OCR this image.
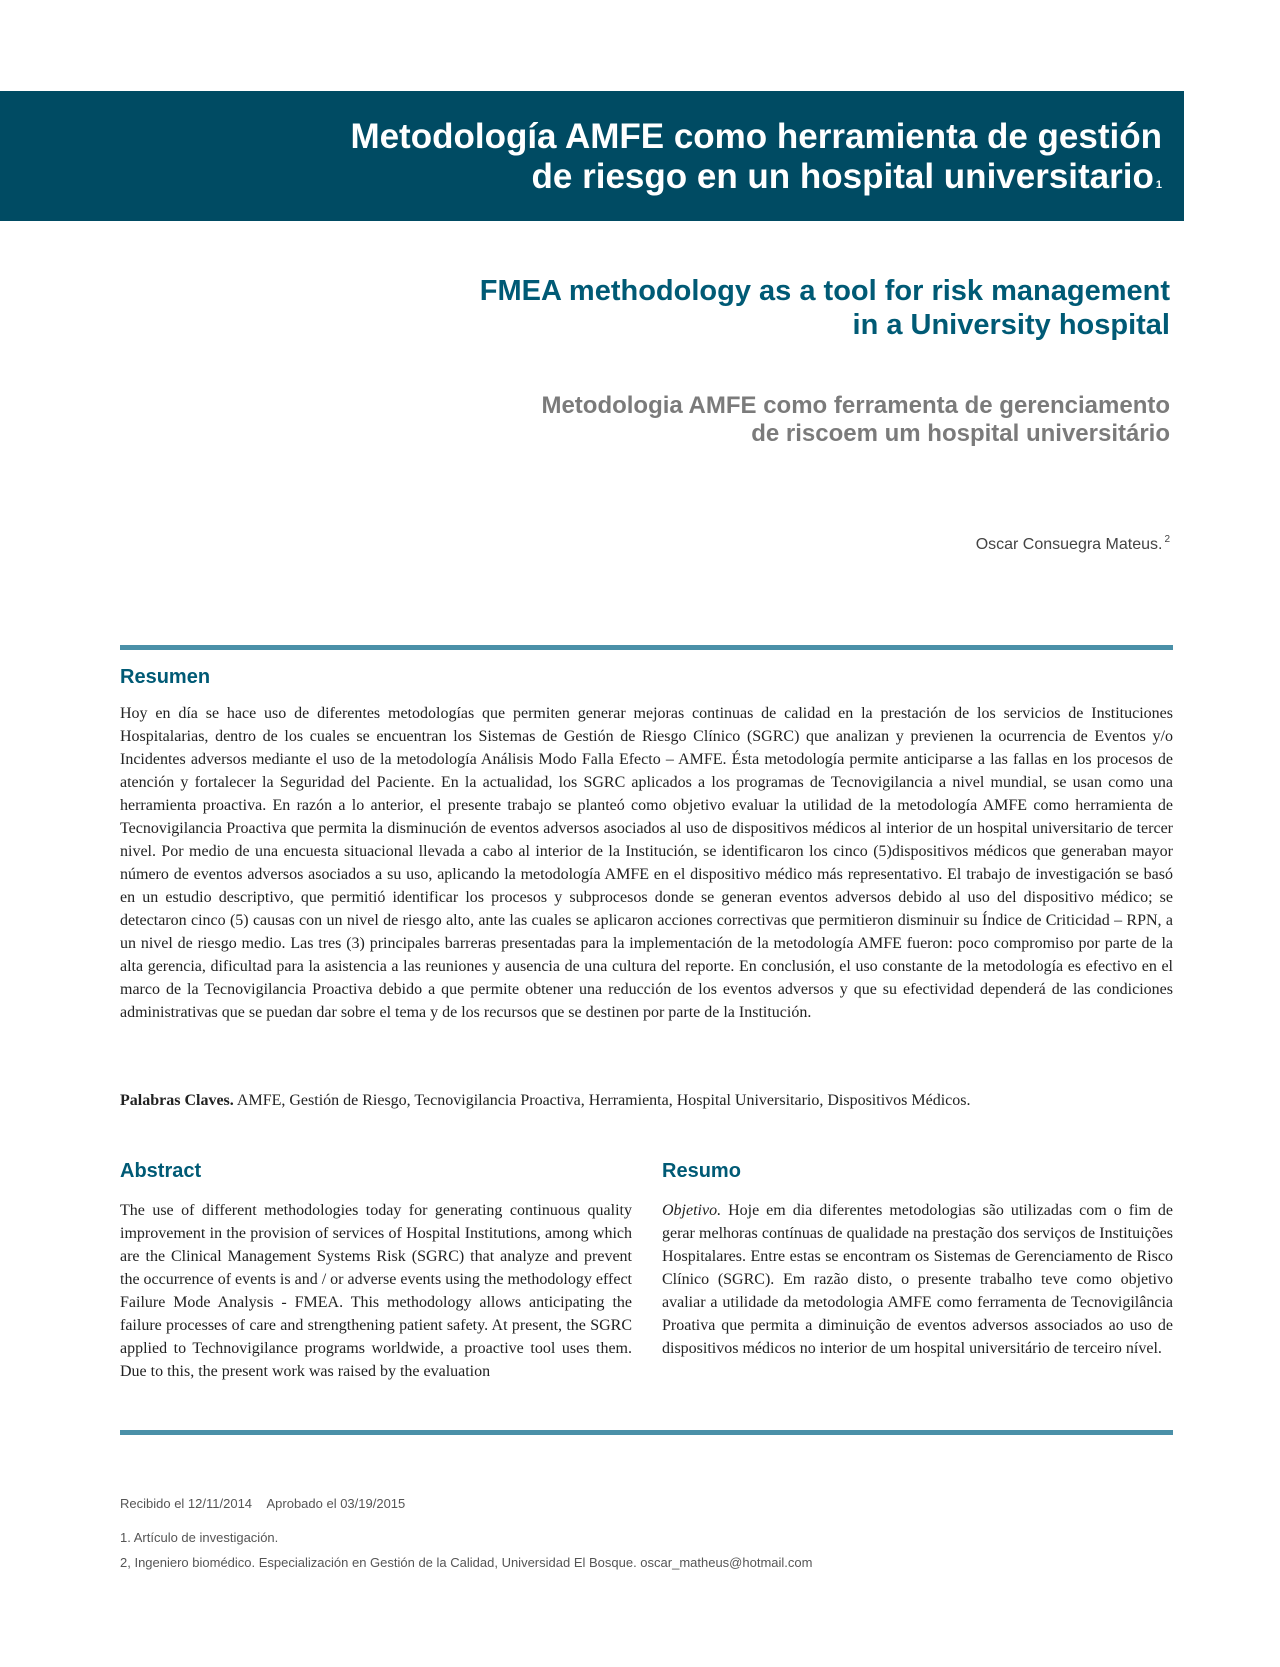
Metodología AMFE como herramienta de gestión
de riesgo en un hospital universitario $^1$
FMEA methodology as a tool for risk management
in a University hospital
Metodologia AMFE como ferramenta de gerenciamento
de riscoem um hospital universitário
Oscar Consuegra Mateus. $^2$
Resumen
Hoy en día se hace uso de diferentes metodologías que permiten generar mejoras continuas de calidad en la prestación de los servicios de Instituciones Hospitalarias, dentro de los cuales se encuentran los Sistemas de Gestión de Riesgo Clínico (SGRC) que analizan y previenen la ocurrencia de Eventos y/o Incidentes adversos mediante el uso de la metodología Análisis Modo Falla Efecto – AMFE. Ésta metodología permite anticiparse a las fallas en los procesos de atención y fortalecer la Seguridad del Paciente. En la actualidad, los SGRC aplicados a los programas de Tecnovigilancia a nivel mundial, se usan como una herramienta proactiva. En razón a lo anterior, el presente trabajo se planteó como objetivo evaluar la utilidad de la metodología AMFE como herramienta de Tecnovigilancia Proactiva que permita la disminución de eventos adversos asociados al uso de dispositivos médicos al interior de un hospital universitario de tercer nivel. Por medio de una encuesta situacional llevada a cabo al interior de la Institución, se identificaron los cinco (5)dispositivos médicos que generaban mayor número de eventos adversos asociados a su uso, aplicando la metodología AMFE en el dispositivo médico más representativo. El trabajo de investigación se basó en un estudio descriptivo, que permitió identificar los procesos y subprocesos donde se generan eventos adversos debido al uso del dispositivo médico; se detectaron cinco (5) causas con un nivel de riesgo alto, ante las cuales se aplicaron acciones correctivas que permitieron disminuir su Índice de Criticidad – RPN, a un nivel de riesgo medio. Las tres (3) principales barreras presentadas para la implementación de la metodología AMFE fueron: poco compromiso por parte de la alta gerencia, dificultad para la asistencia a las reuniones y ausencia de una cultura del reporte. En conclusión, el uso constante de la metodología es efectivo en el marco de la Tecnovigilancia Proactiva debido a que permite obtener una reducción de los eventos adversos y que su efectividad dependerá de las condiciones administrativas que se puedan dar sobre el tema y de los recursos que se destinen por parte de la Institución.
Palabras Claves. AMFE, Gestión de Riesgo, Tecnovigilancia Proactiva, Herramienta, Hospital Universitario, Dispositivos Médicos.
Abstract
The use of different methodologies today for generating continuous quality improvement in the provision of services of Hospital Institutions, among which are the Clinical Management Systems Risk (SGRC) that analyze and prevent the occurrence of events is and / or adverse events using the methodology effect Failure Mode Analysis - FMEA. This methodology allows anticipating the failure processes of care and strengthening patient safety. At present, the SGRC applied to Technovigilance programs worldwide, a proactive tool uses them. Due to this, the present work was raised by the evaluation
Resumo
Objetivo. Hoje em dia diferentes metodologias são utilizadas com o fim de gerar melhoras contínuas de qualidade na prestação dos serviços de Instituições Hospitalares. Entre estas se encontram os Sistemas de Gerenciamento de Risco Clínico (SGRC). Em razão disto, o presente trabalho teve como objetivo avaliar a utilidade da metodologia AMFE como ferramenta de Tecnovigilância Proativa que permita a diminuição de eventos adversos associados ao uso de dispositivos médicos no interior de um hospital universitário de terceiro nível.
Recibido el 12/11/2014 Aprobado el 03/19/2015
1. Artículo de investigación.
2, Ingeniero biomédico. Especialización en Gestión de la Calidad, Universidad El Bosque. oscar_matheus@hotmail.com
